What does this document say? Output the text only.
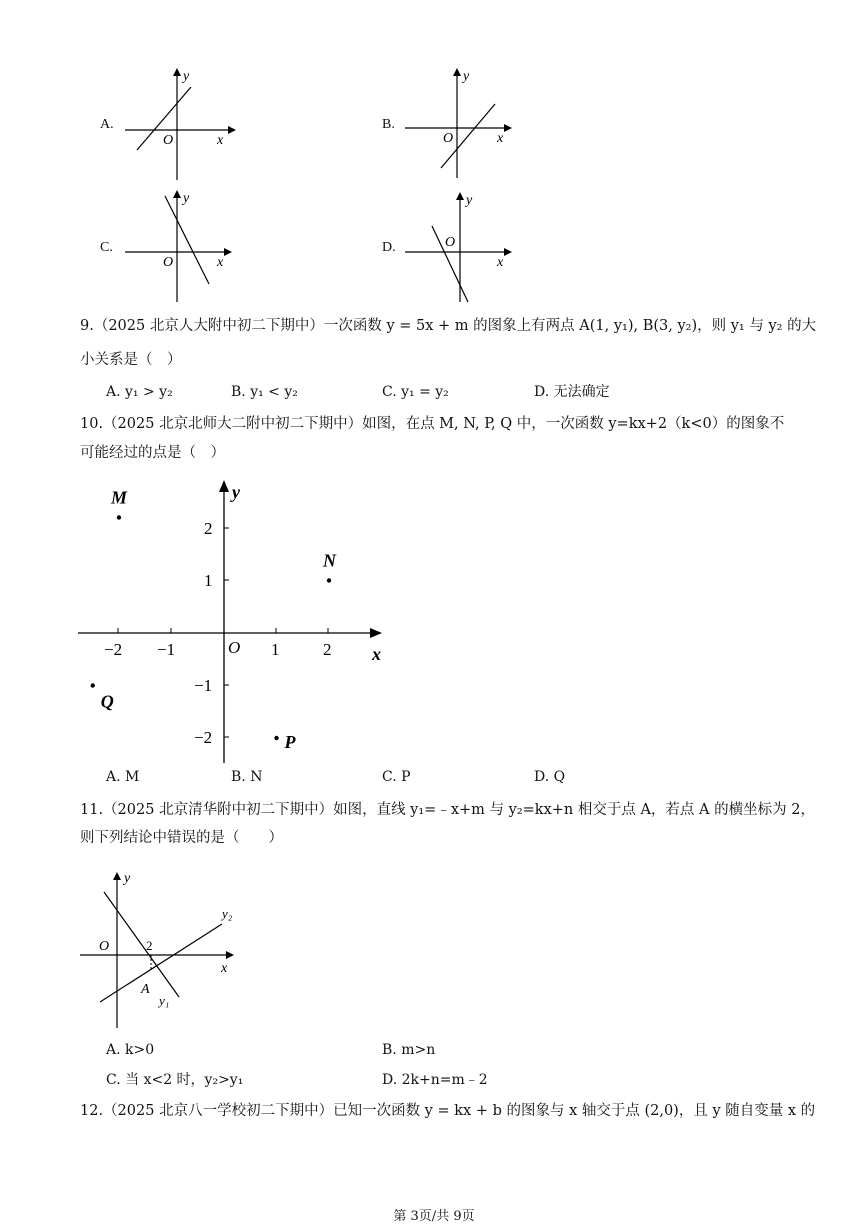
A.
y
x
O
B.
y
x
O
C.
y
x
O
D.
y
x
O
9.（2025 北京人大附中初二下期中）一次函数 y = 5x + m 的图象上有两点 A(1, y₁), B(3, y₂)，则 y₁ 与 y₂ 的大
小关系是（　）
A. y₁ > y₂	B. y₁ < y₂	C. y₁ = y₂	D. 无法确定
10.（2025 北京北师大二附中初二下期中）如图，在点 M, N, P, Q 中，一次函数 y=kx+2（k<0）的图象不
可能经过的点是（　）
−2 −1	1	2
2
1
−1
−2
x
y
O
M
N
Q
P
A. M	B. N	C. P	D. Q
11.（2025 北京清华附中初二下期中）如图，直线 y₁=﹣x+m 与 y₂=kx+n 相交于点 A，若点 A 的横坐标为 2，
则下列结论中错误的是（　　）
2
O
y
x
A
y₁
y₂
A. k>0	B. m>n
C. 当 x<2 时，y₂>y₁	D. 2k+n=m﹣2
12.（2025 北京八一学校初二下期中）已知一次函数 y = kx + b 的图象与 x 轴交于点 (2,0)，且 y 随自变量 x 的
第 3页/共 9页
